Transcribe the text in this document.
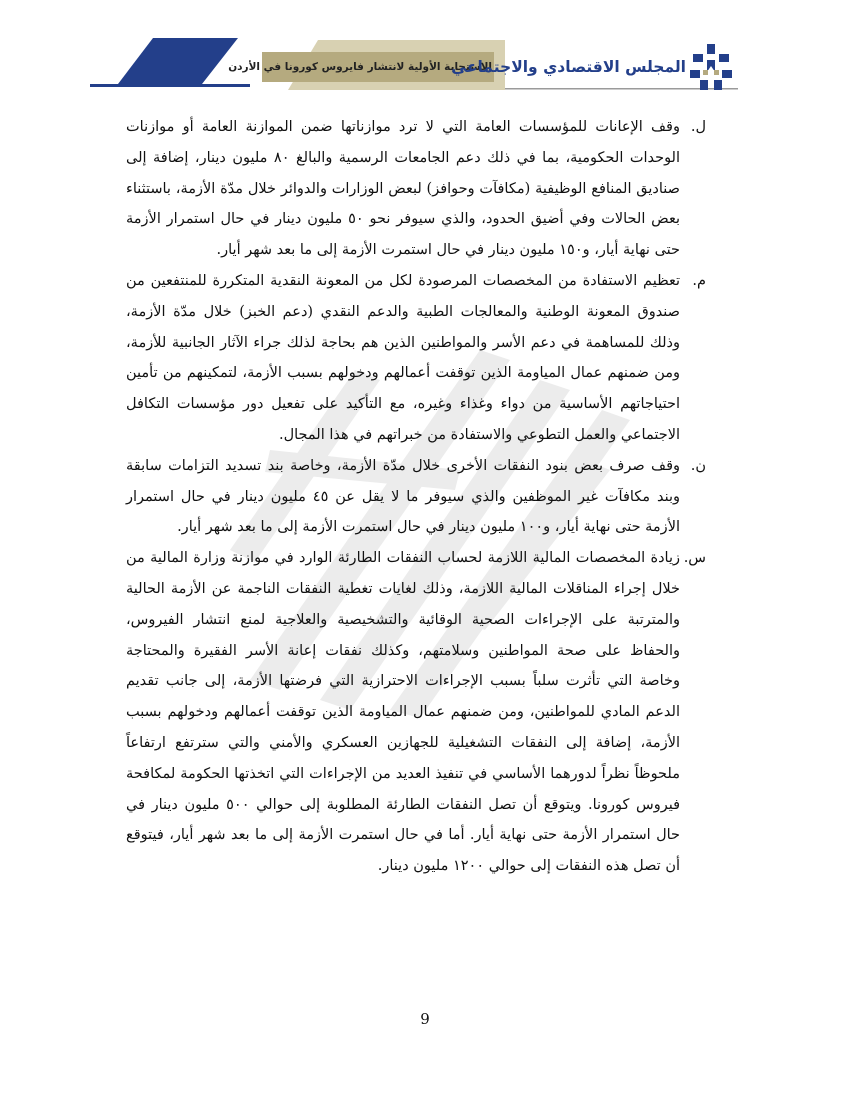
الاستجابة الأولية لانتشار فايروس كورونا في الأردن
المجلس الاقتصادي والاجتماعي
ل.
وقف الإعانات للمؤسسات العامة التي لا ترد موازناتها ضمن الموازنة العامة أو موازنات الوحدات الحكومية، بما في ذلك دعم الجامعات الرسمية والبالغ ٨٠ مليون دينار، إضافة إلى صناديق المنافع الوظيفية (مكافآت وحوافز) لبعض الوزارات والدوائر خلال مدّة الأزمة، باستثناء بعض الحالات وفي أضيق الحدود، والذي سيوفر نحو ٥٠ مليون دينار في حال استمرار الأزمة حتى نهاية أيار، و١٥٠ مليون دينار في حال استمرت الأزمة إلى ما بعد شهر أيار.
م.
تعظيم الاستفادة من المخصصات المرصودة لكل من المعونة النقدية المتكررة للمنتفعين من صندوق المعونة الوطنية والمعالجات الطبية والدعم النقدي (دعم الخبز) خلال مدّة الأزمة، وذلك للمساهمة في دعم الأسر والمواطنين الذين هم بحاجة لذلك جراء الآثار الجانبية للأزمة، ومن ضمنهم عمال المياومة الذين توقفت أعمالهم ودخولهم بسبب الأزمة، لتمكينهم من تأمين احتياجاتهم الأساسية من دواء وغذاء وغيره، مع التأكيد على تفعيل دور مؤسسات التكافل الاجتماعي والعمل التطوعي والاستفادة من خبراتهم في هذا المجال.
ن.
وقف صرف بعض بنود النفقات الأخرى خلال مدّة الأزمة، وخاصة بند تسديد التزامات سابقة وبند مكافآت غير الموظفين والذي سيوفر ما لا يقل عن ٤٥ مليون دينار في حال استمرار الأزمة حتى نهاية أيار، و١٠٠ مليون دينار في حال استمرت الأزمة إلى ما بعد شهر أيار.
س.
زيادة المخصصات المالية اللازمة لحساب النفقات الطارئة الوارد في موازنة وزارة المالية من خلال إجراء المناقلات المالية اللازمة، وذلك لغايات تغطية النفقات الناجمة عن الأزمة الحالية والمترتبة على الإجراءات الصحية الوقائية والتشخيصية والعلاجية لمنع انتشار الفيروس، والحفاظ على صحة المواطنين وسلامتهم، وكذلك نفقات إعانة الأسر الفقيرة والمحتاجة وخاصة التي تأثرت سلباً بسبب الإجراءات الاحترازية التي فرضتها الأزمة، إلى جانب تقديم الدعم المادي للمواطنين، ومن ضمنهم عمال المياومة الذين توقفت أعمالهم ودخولهم بسبب الأزمة، إضافة إلى النفقات التشغيلية للجهازين العسكري والأمني والتي سترتفع ارتفاعاً ملحوظاً نظراً لدورهما الأساسي في تنفيذ العديد من الإجراءات التي اتخذتها الحكومة لمكافحة فيروس كورونا. ويتوقع أن تصل النفقات الطارئة المطلوبة إلى حوالي ٥٠٠ مليون دينار في حال استمرار الأزمة حتى نهاية أيار. أما في حال استمرت الأزمة إلى ما بعد شهر أيار، فيتوقع أن تصل هذه النفقات إلى حوالي ١٢٠٠ مليون دينار.
9
